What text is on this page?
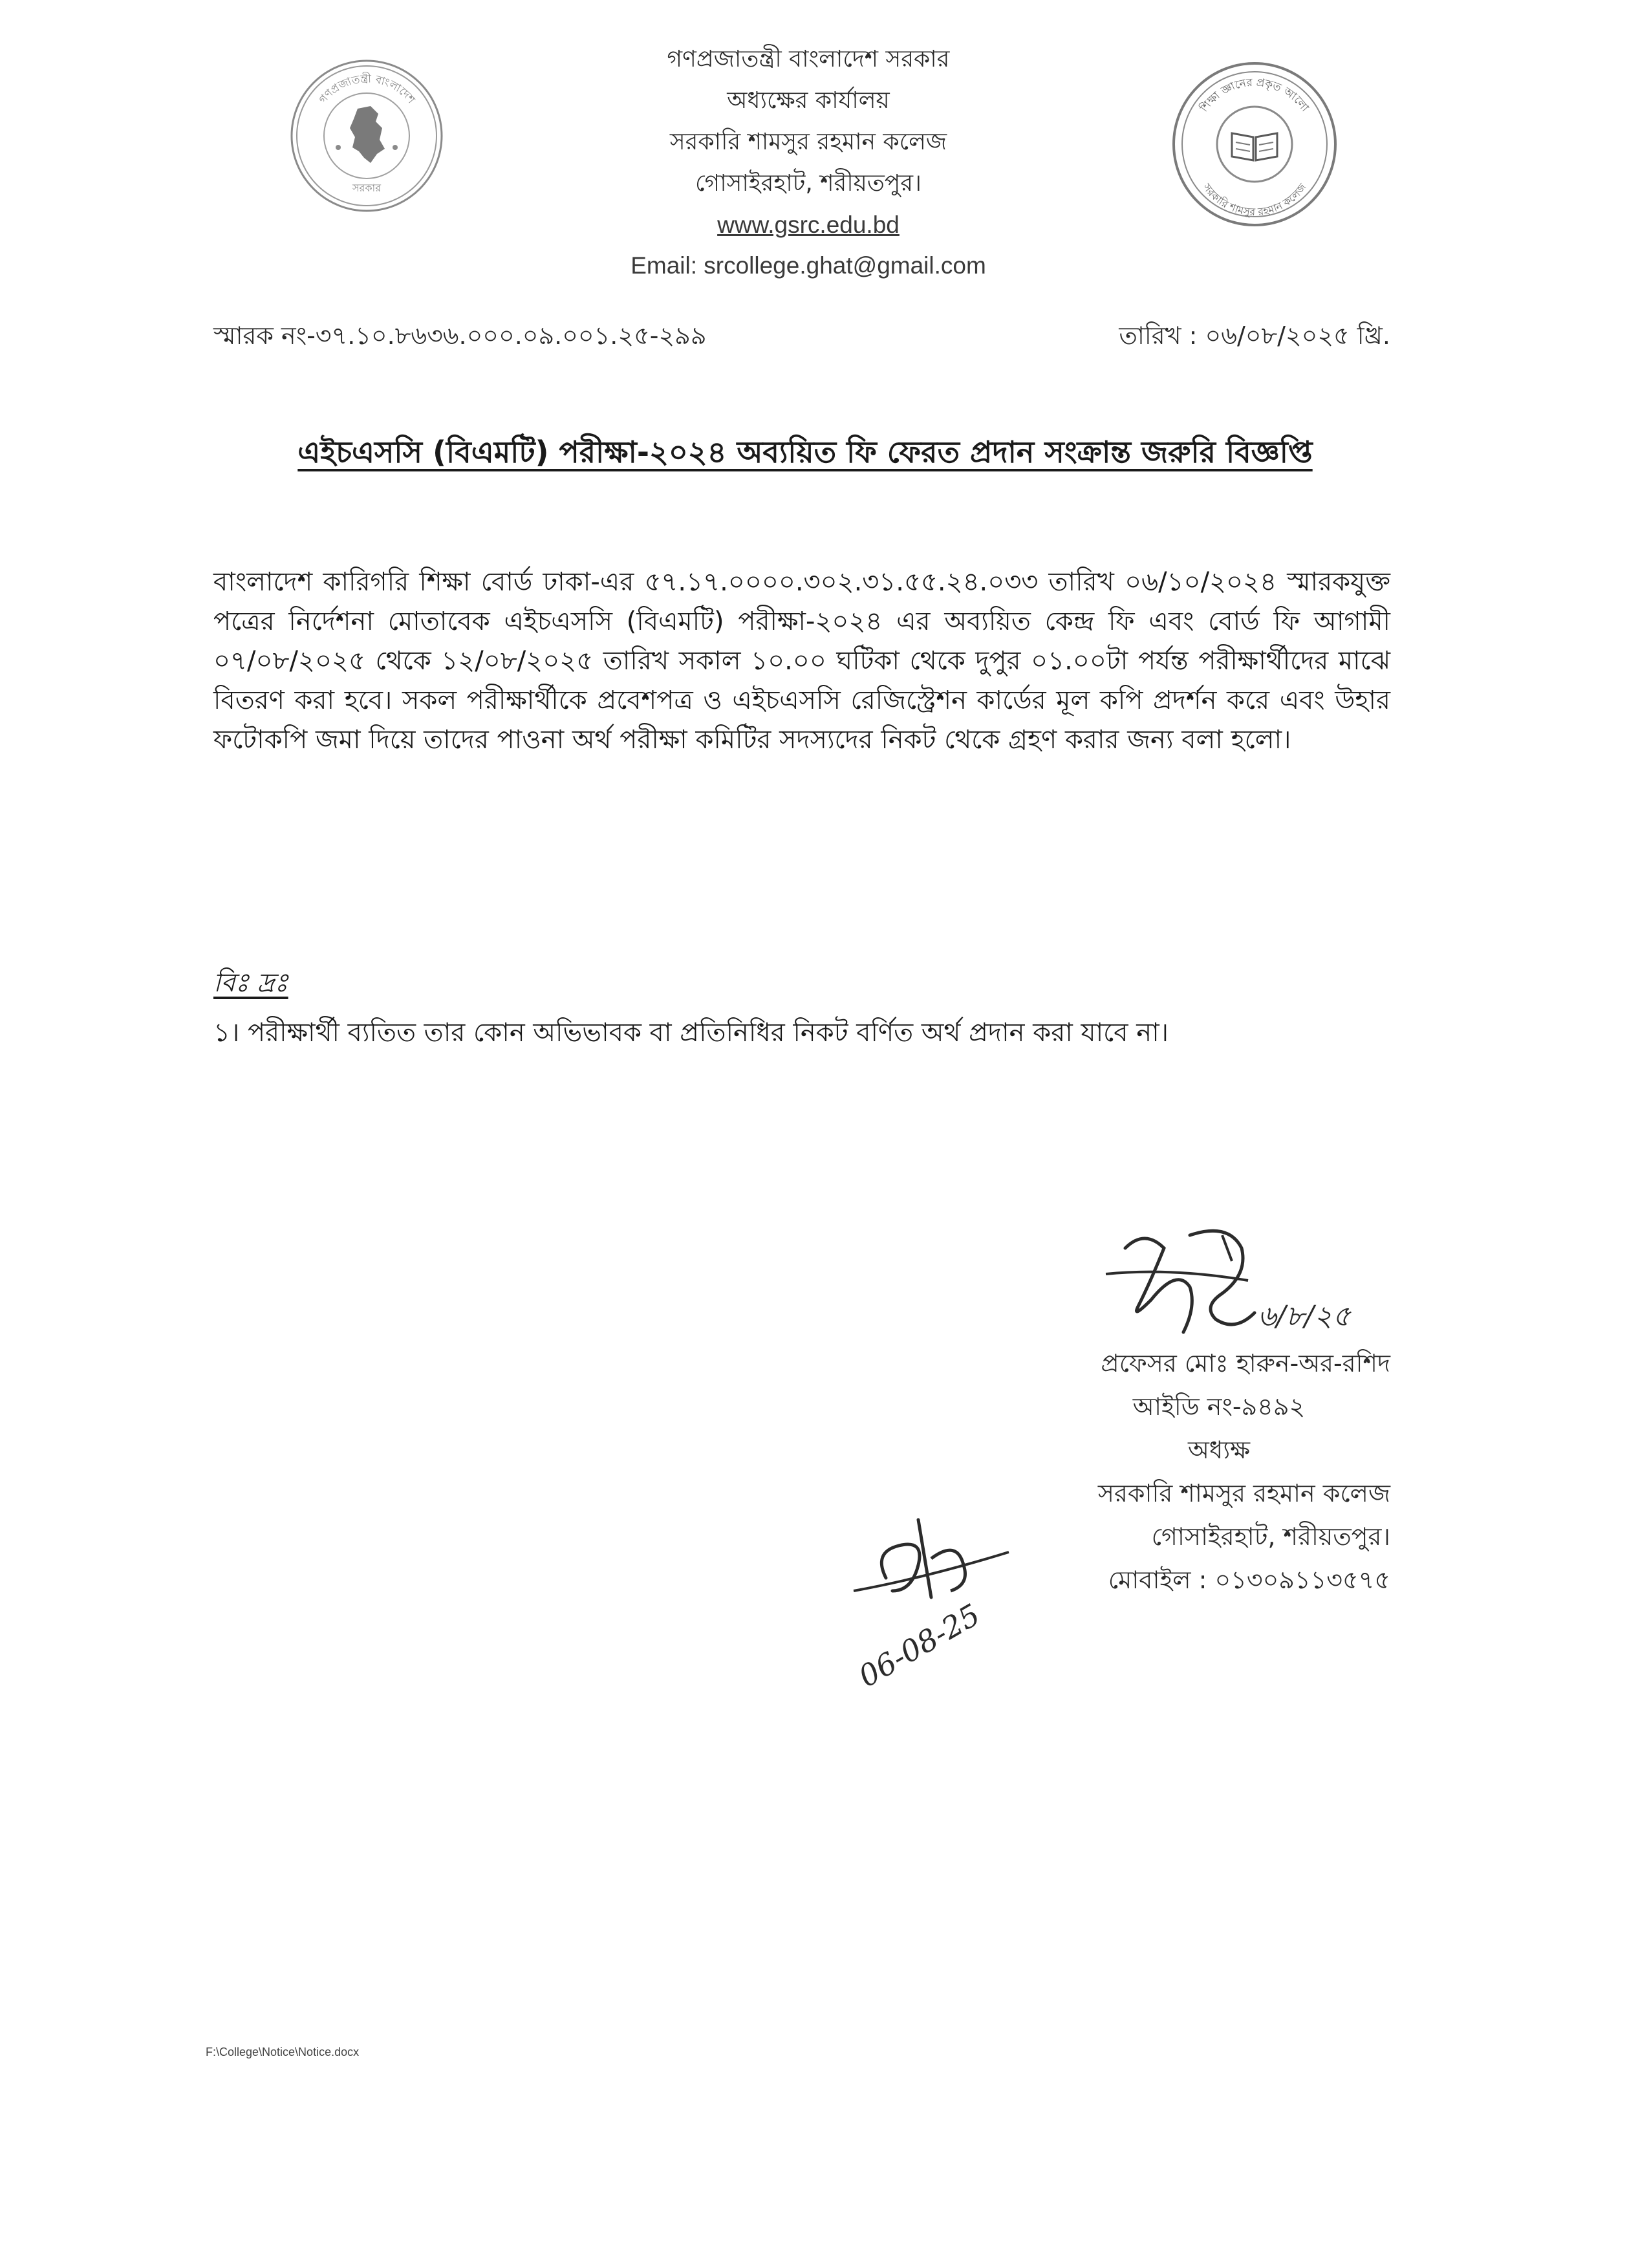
গণপ্রজাতন্ত্রী বাংলাদেশ
সরকার
গণপ্রজাতন্ত্রী বাংলাদেশ সরকার
অধ্যক্ষের কার্যালয়
সরকারি শামসুর রহমান কলেজ
গোসাইরহাট, শরীয়তপুর।
www.gsrc.edu.bd
Email: srcollege.ghat@gmail.com
শিক্ষা জ্ঞানের প্রকৃত আলো
সরকারি শামসুর রহমান কলেজ
স্মারক নং-৩৭.১০.৮৬৩৬.০০০.০৯.০০১.২৫-২৯৯	তারিখ : ০৬/০৮/২০২৫ খ্রি.
এইচএসসি (বিএমটি) পরীক্ষা-২০২৪ অব্যয়িত ফি ফেরত প্রদান সংক্রান্ত জরুরি বিজ্ঞপ্তি
বাংলাদেশ কারিগরি শিক্ষা বোর্ড ঢাকা-এর ৫৭.১৭.০০০০.৩০২.৩১.৫৫.২৪.০৩৩ তারিখ ০৬/১০/২০২৪ স্মারকযুক্ত পত্রের নির্দেশনা মোতাবেক এইচএসসি (বিএমটি) পরীক্ষা-২০২৪ এর অব্যয়িত কেন্দ্র ফি এবং বোর্ড ফি আগামী ০৭/০৮/২০২৫ থেকে ১২/০৮/২০২৫ তারিখ সকাল ১০.০০ ঘটিকা থেকে দুপুর ০১.০০টা পর্যন্ত পরীক্ষার্থীদের মাঝে বিতরণ করা হবে। সকল পরীক্ষার্থীকে প্রবেশপত্র ও এইচএসসি রেজিস্ট্রেশন কার্ডের মূল কপি প্রদর্শন করে এবং উহার ফটোকপি জমা দিয়ে তাদের পাওনা অর্থ পরীক্ষা কমিটির সদস্যদের নিকট থেকে গ্রহণ করার জন্য বলা হলো।
বিঃ দ্রঃ
১। পরীক্ষার্থী ব্যতিত তার কোন অভিভাবক বা প্রতিনিধির নিকট বর্ণিত অর্থ প্রদান করা যাবে না।
৬/৮/২৫
প্রফেসর মোঃ হারুন-অর-রশিদ
আইডি নং-৯৪৯২
অধ্যক্ষ
সরকারি শামসুর রহমান কলেজ
গোসাইরহাট, শরীয়তপুর।
মোবাইল : ০১৩০৯১১৩৫৭৫
06-08-25
F:\College\Notice\Notice.docx
